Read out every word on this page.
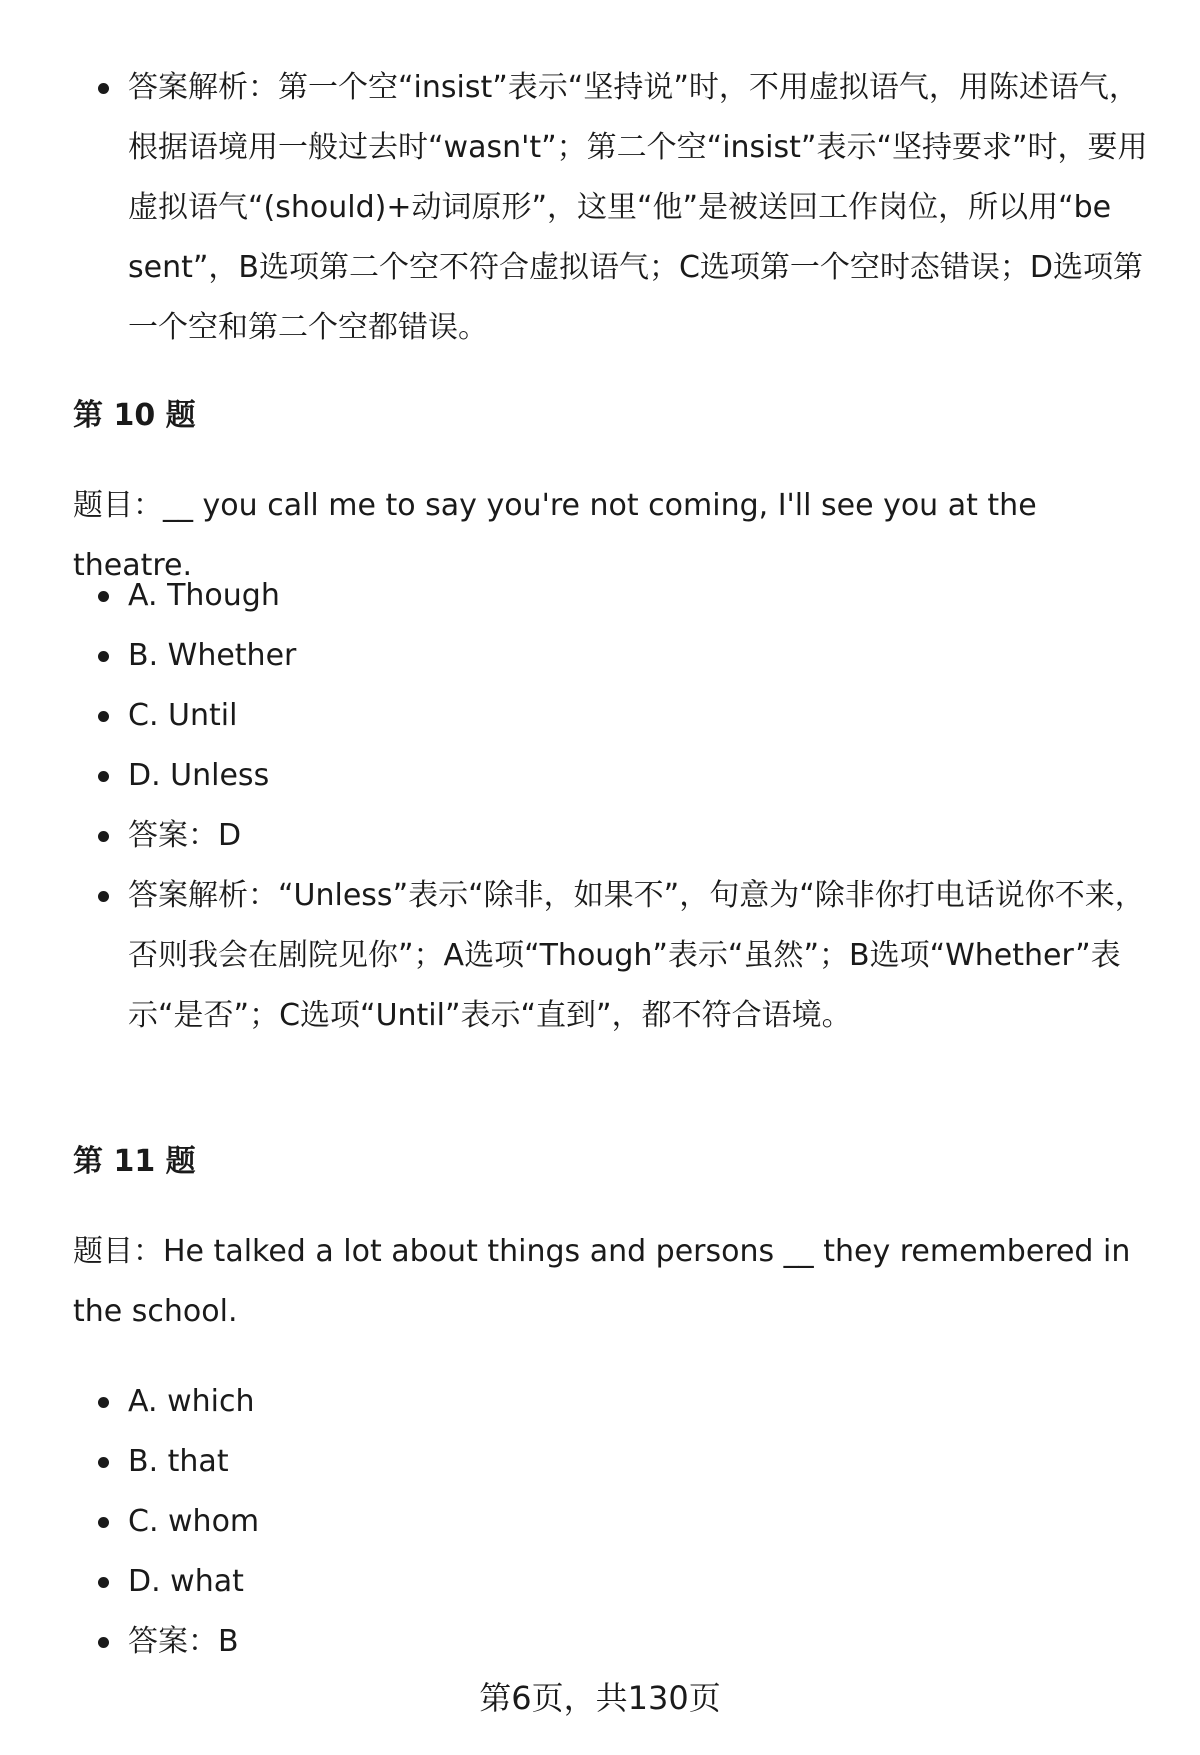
答案解析：第一个空“insist”表示“坚持说”时，不用虚拟语气，用陈述语气，根据语境用一般过去时“wasn't”；第二个空“insist”表示“坚持要求”时，要用虚拟语气“(should)+动词原形”，这里“他”是被送回工作岗位，所以用“be sent”，B选项第二个空不符合虚拟语气；C选项第一个空时态错误；D选项第一个空和第二个空都错误。
第 10 题
题目：__ you call me to say you're not coming, I'll see you at the theatre.
A. Though
B. Whether
C. Until
D. Unless
答案：D
答案解析：“Unless”表示“除非，如果不”，句意为“除非你打电话说你不来，否则我会在剧院见你”；A选项“Though”表示“虽然”；B选项“Whether”表示“是否”；C选项“Until”表示“直到”，都不符合语境。
第 11 题
题目：He talked a lot about things and persons __ they remembered in the school.
A. which
B. that
C. whom
D. what
答案：B
第6页，共130页
